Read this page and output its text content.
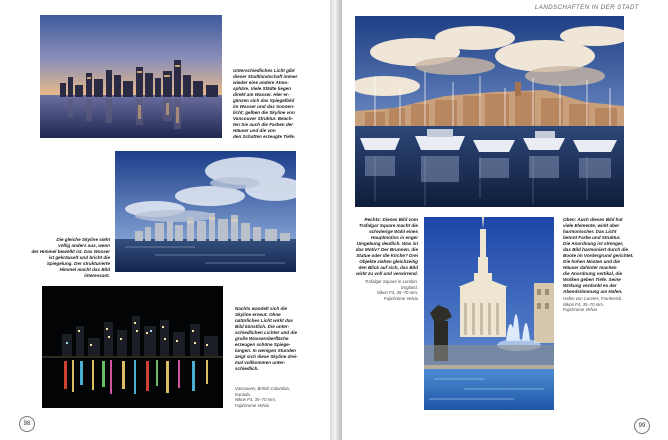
Unterschiedliches Licht gibt
dieser Stadtlandschaft immer
wieder eine andere Atmo-
sphäre. Viele Städte liegen
direkt am Wasser. Hier er-
gänzen sich das Spiegelbild
im Wasser und das Sonnen-
licht; gelben die Skyline von
Vancouver Struktur. Beach-
ten Sie auch die Farben der
Häuser und die von
den Schatten erzeugte Tiefe.

Die gleiche Skyline sieht
völlig anders aus, wenn
der Himmel bewölkt ist. Das Wasser
ist gekräuselt und bricht die
Spiegelung. Der strukturierte
Himmel macht das Bild
interessant.

Nachts wandelt sich die
Skyline erneut. Ohne
natürliches Licht wirkt das
Bild künstlich. Die unter-
schiedlichen Lichter und die
große Wasseroberfläche
erzeugen schöne Spiege-
lungen. In wenigen Stunden
zeigt sich diese Skyline drei-
mal vollkommen unter-
schiedlich.

Vancouver, British Columbia,
Kanada.
Nikon F4, 35–70 mm,
Fujichrome Velvia

98
LANDSCHAFTEN IN DER STADT

Rechts: Dieses Bild vom
Trafalgar Square macht die
schwierige Wahl eines
Hauptmotivs in enger
Umgebung deutlich. Was ist
das Motiv? Der Brunnen, die
Statue oder die Kirche? Drei
Objekte ziehen gleichzeitig
den Blick auf sich, das Bild
wirkt zu voll und verwirrend.

Trafalgar Square in London,
England.
Nikon F4, 35–70 mm,
Fujichrome Velvia

Oben: Auch dieses Bild hat
viele Elemente, wirkt aber
harmonischer. Das Licht
betont Farbe und Struktur.
Die Anordnung ist strenger,
das Bild harmoniert durch die
Boote im Vordergrund gerichtet.
Die hohen Masten und die
Häuser dahinter machen
die Anordnung vertikal, die
Wolken geben Tiefe. Seine
Wirkung verdankt es der
Abendstimmung am Hafen.

Hafen von Cannes, Frankreich.
Nikon F4, 35–70 mm,
Fujichrome Velvia

99
